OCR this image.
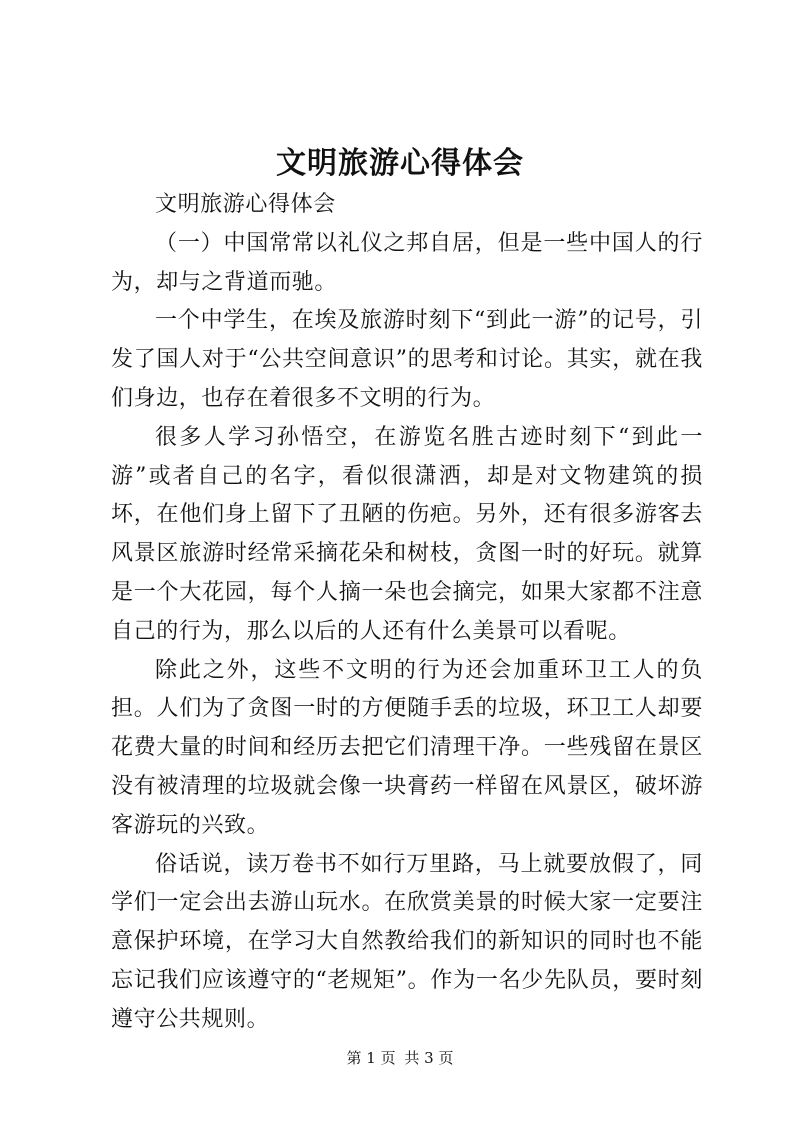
文明旅游心得体会

文明旅游心得体会

（一）中国常常以礼仪之邦自居，但是一些中国人的行为，却与之背道而驰。

一个中学生，在埃及旅游时刻下“到此一游”的记号，引发了国人对于“公共空间意识”的思考和讨论。其实，就在我们身边，也存在着很多不文明的行为。

很多人学习孙悟空，在游览名胜古迹时刻下“到此一游”或者自己的名字，看似很潇洒，却是对文物建筑的损坏，在他们身上留下了丑陋的伤疤。另外，还有很多游客去风景区旅游时经常采摘花朵和树枝，贪图一时的好玩。就算是一个大花园，每个人摘一朵也会摘完，如果大家都不注意自己的行为，那么以后的人还有什么美景可以看呢。

除此之外，这些不文明的行为还会加重环卫工人的负担。人们为了贪图一时的方便随手丢的垃圾，环卫工人却要花费大量的时间和经历去把它们清理干净。一些残留在景区没有被清理的垃圾就会像一块膏药一样留在风景区，破坏游客游玩的兴致。

俗话说，读万卷书不如行万里路，马上就要放假了，同学们一定会出去游山玩水。在欣赏美景的时候大家一定要注意保护环境，在学习大自然教给我们的新知识的同时也不能忘记我们应该遵守的“老规矩”。作为一名少先队员，要时刻遵守公共规则。

第 1 页 共 3 页
